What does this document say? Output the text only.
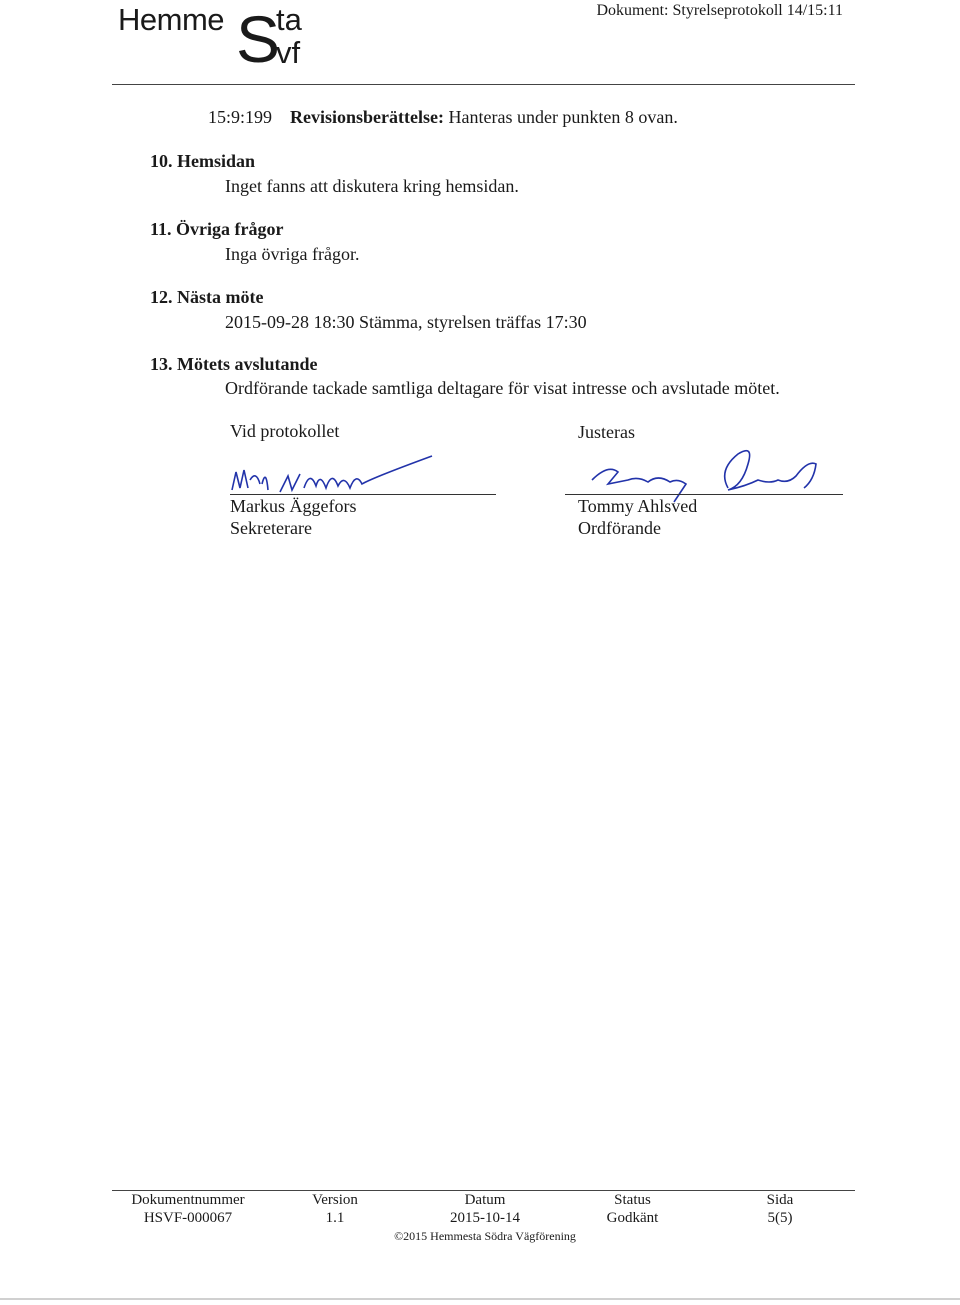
Hemme S
ta
vf
Dokument: Styrelseprotokoll 14/15:11
15:9:199 Revisionsberättelse: Hanteras under punkten 8 ovan.
10. Hemsidan
Inget fanns att diskutera kring hemsidan.
11. Övriga frågor
Inga övriga frågor.
12. Nästa möte
2015-09-28 18:30 Stämma, styrelsen träffas 17:30
13. Mötets avslutande
Ordförande tackade samtliga deltagare för visat intresse och avslutade mötet.
Vid protokollet
Markus Äggefors
Sekreterare
Justeras
Tommy Ahlsved
Ordförande
Dokumentnummer	Version	Datum	Status	Sida
HSVF-000067	1.1	2015-10-14	Godkänt	5(5)
©2015 Hemmesta Södra Vägförening
